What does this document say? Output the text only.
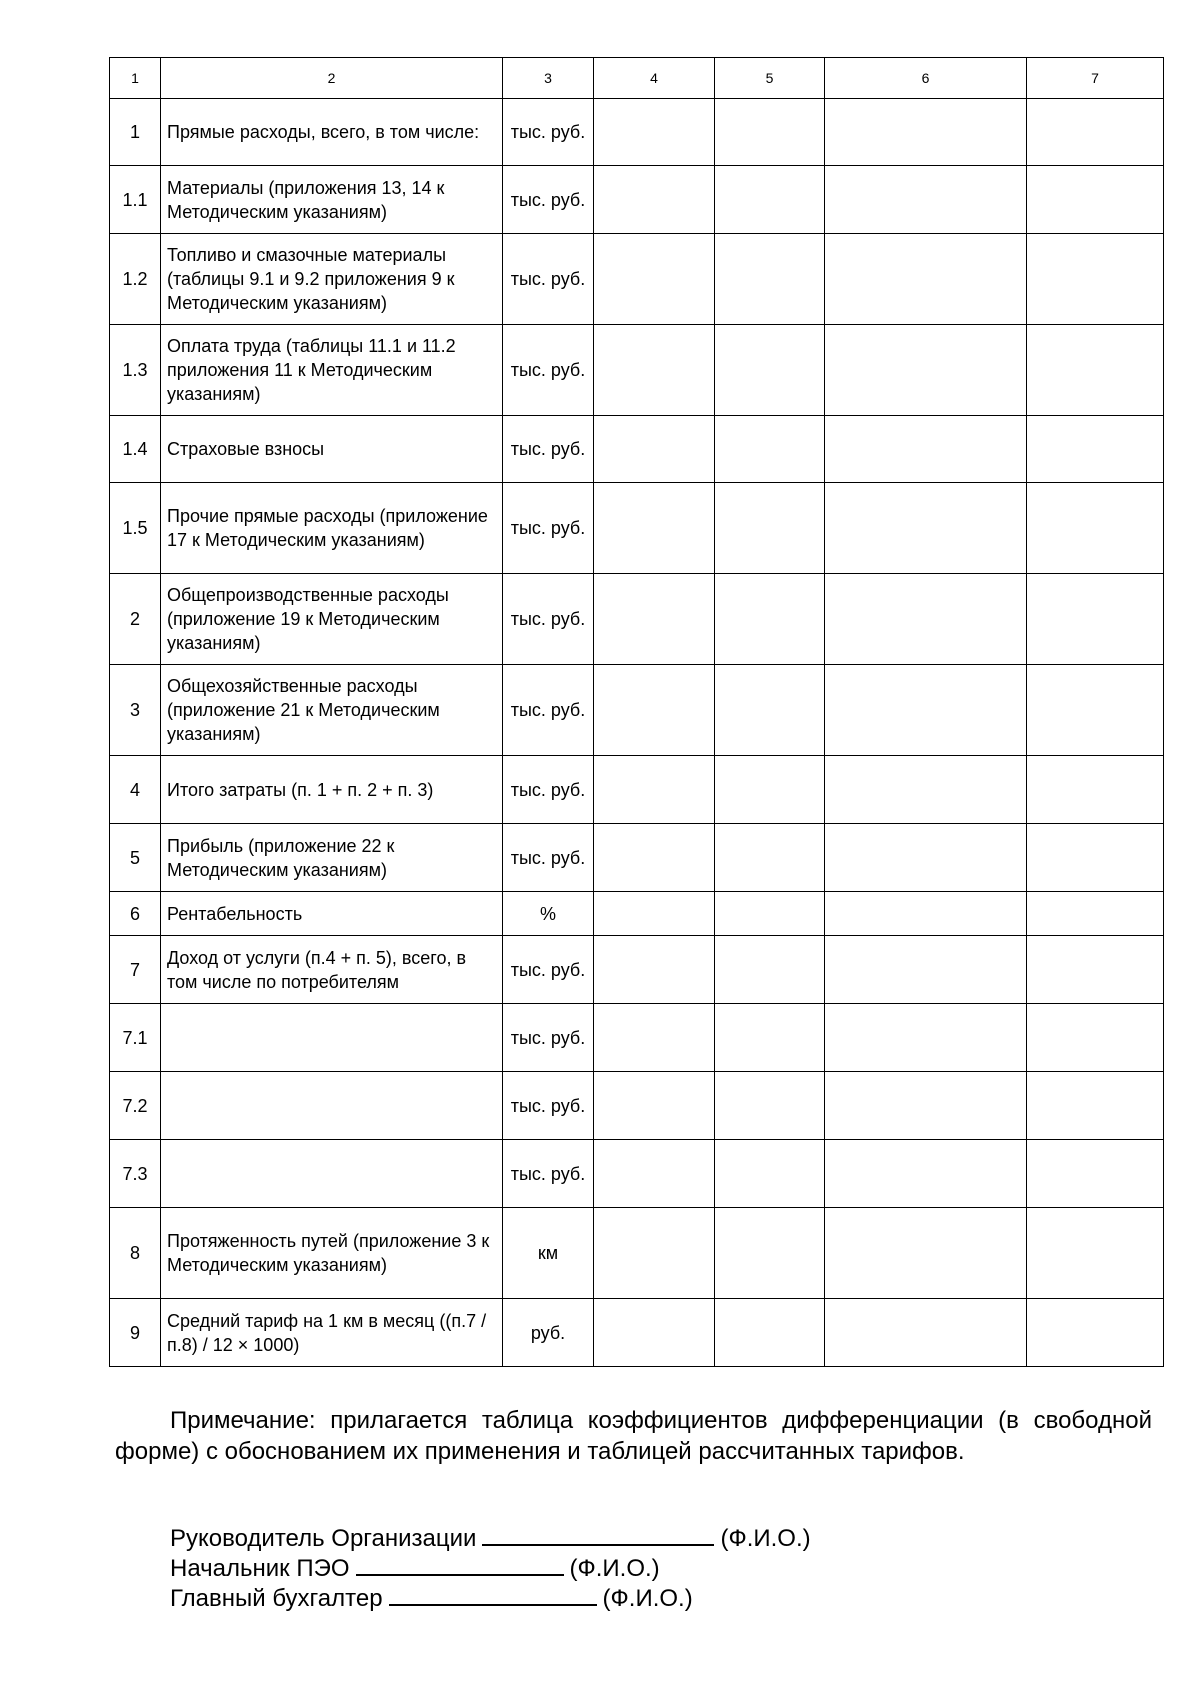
1	2	3	4	5	6	7
1	Прямые расходы, всего, в том числе:	тыс. руб.				
1.1	Материалы (приложения 13, 14 к Методическим указаниям)	тыс. руб.				
1.2	Топливо и смазочные материалы (таблицы 9.1 и 9.2 приложения 9 к Методическим указаниям)	тыс. руб.				
1.3	Оплата труда (таблицы 11.1 и 11.2 приложения 11 к Методическим указаниям)	тыс. руб.				
1.4	Страховые взносы	тыс. руб.				
1.5	Прочие прямые расходы (приложение 17 к Методическим указаниям)	тыс. руб.				
2	Общепроизводственные расходы (приложение 19 к Методическим указаниям)	тыс. руб.				
3	Общехозяйственные расходы (приложение 21 к Методическим указаниям)	тыс. руб.				
4	Итого затраты (п. 1 + п. 2 + п. 3)	тыс. руб.				
5	Прибыль (приложение 22 к Методическим указаниям)	тыс. руб.				
6	Рентабельность	%				
7	Доход от услуги (п.4 + п. 5), всего, в том числе по потребителям	тыс. руб.				
7.1		тыс. руб.				
7.2		тыс. руб.				
7.3		тыс. руб.				
8	Протяженность путей (приложение 3 к Методическим указаниям)	км				
9	Средний тариф на 1 км в месяц ((п.7 / п.8) / 12 × 1000)	руб.				

Примечание: прилагается таблица коэффициентов дифференциации (в свободной форме) с обоснованием их применения и таблицей рассчитанных тарифов.

Руководитель Организации	(Ф.И.О.)
Начальник ПЭО	(Ф.И.О.)
Главный бухгалтер	(Ф.И.О.)
